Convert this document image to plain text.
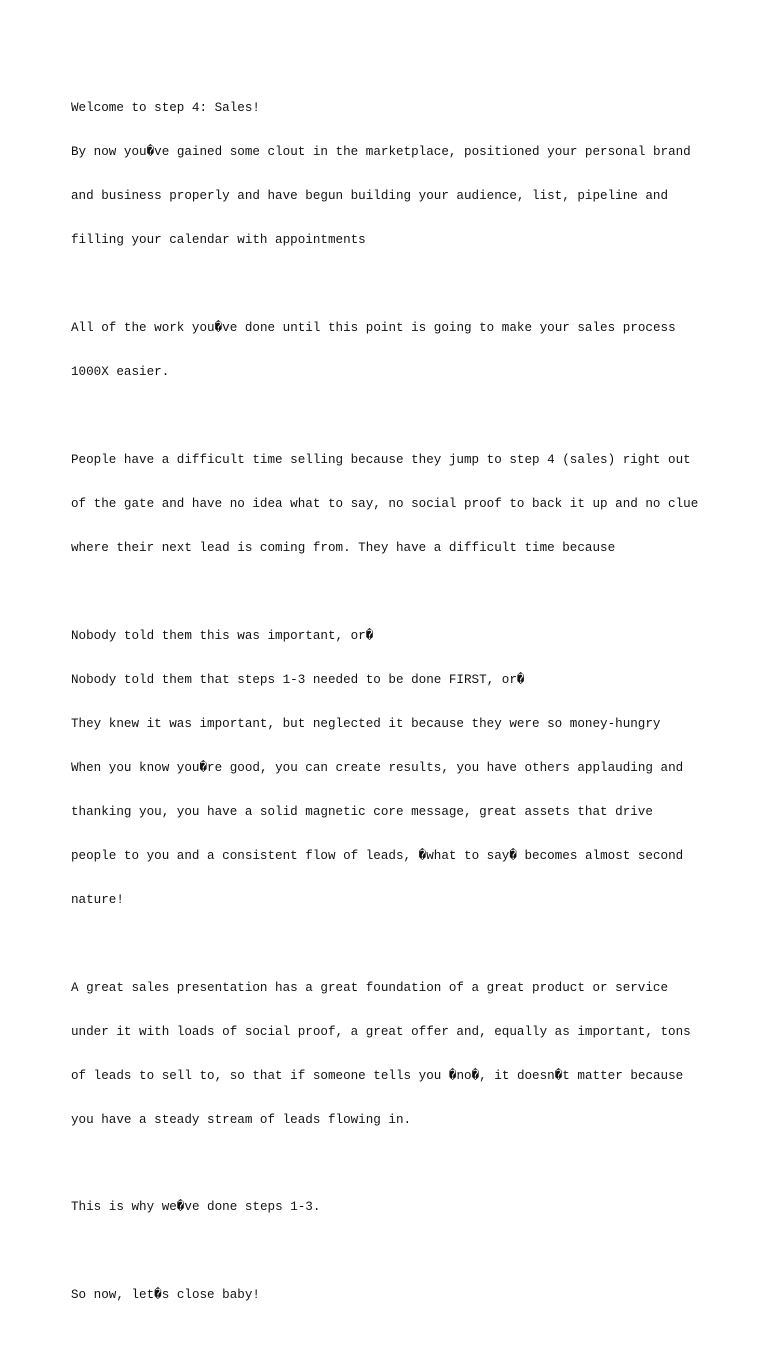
Welcome to step 4: Sales!

By now you�ve gained some clout in the marketplace, positioned your personal brand

and business properly and have begun building your audience, list, pipeline and

filling your calendar with appointments

All of the work you�ve done until this point is going to make your sales process

1000X easier.

People have a difficult time selling because they jump to step 4 (sales) right out

of the gate and have no idea what to say, no social proof to back it up and no clue

where their next lead is coming from. They have a difficult time because

Nobody told them this was important, or�

Nobody told them that steps 1-3 needed to be done FIRST, or�

They knew it was important, but neglected it because they were so money-hungry

When you know you�re good, you can create results, you have others applauding and

thanking you, you have a solid magnetic core message, great assets that drive

people to you and a consistent flow of leads, �what to say� becomes almost second

nature!

A great sales presentation has a great foundation of a great product or service

under it with loads of social proof, a great offer and, equally as important, tons

of leads to sell to, so that if someone tells you �no�, it doesn�t matter because

you have a steady stream of leads flowing in.

This is why we�ve done steps 1-3.

So now, let�s close baby!
